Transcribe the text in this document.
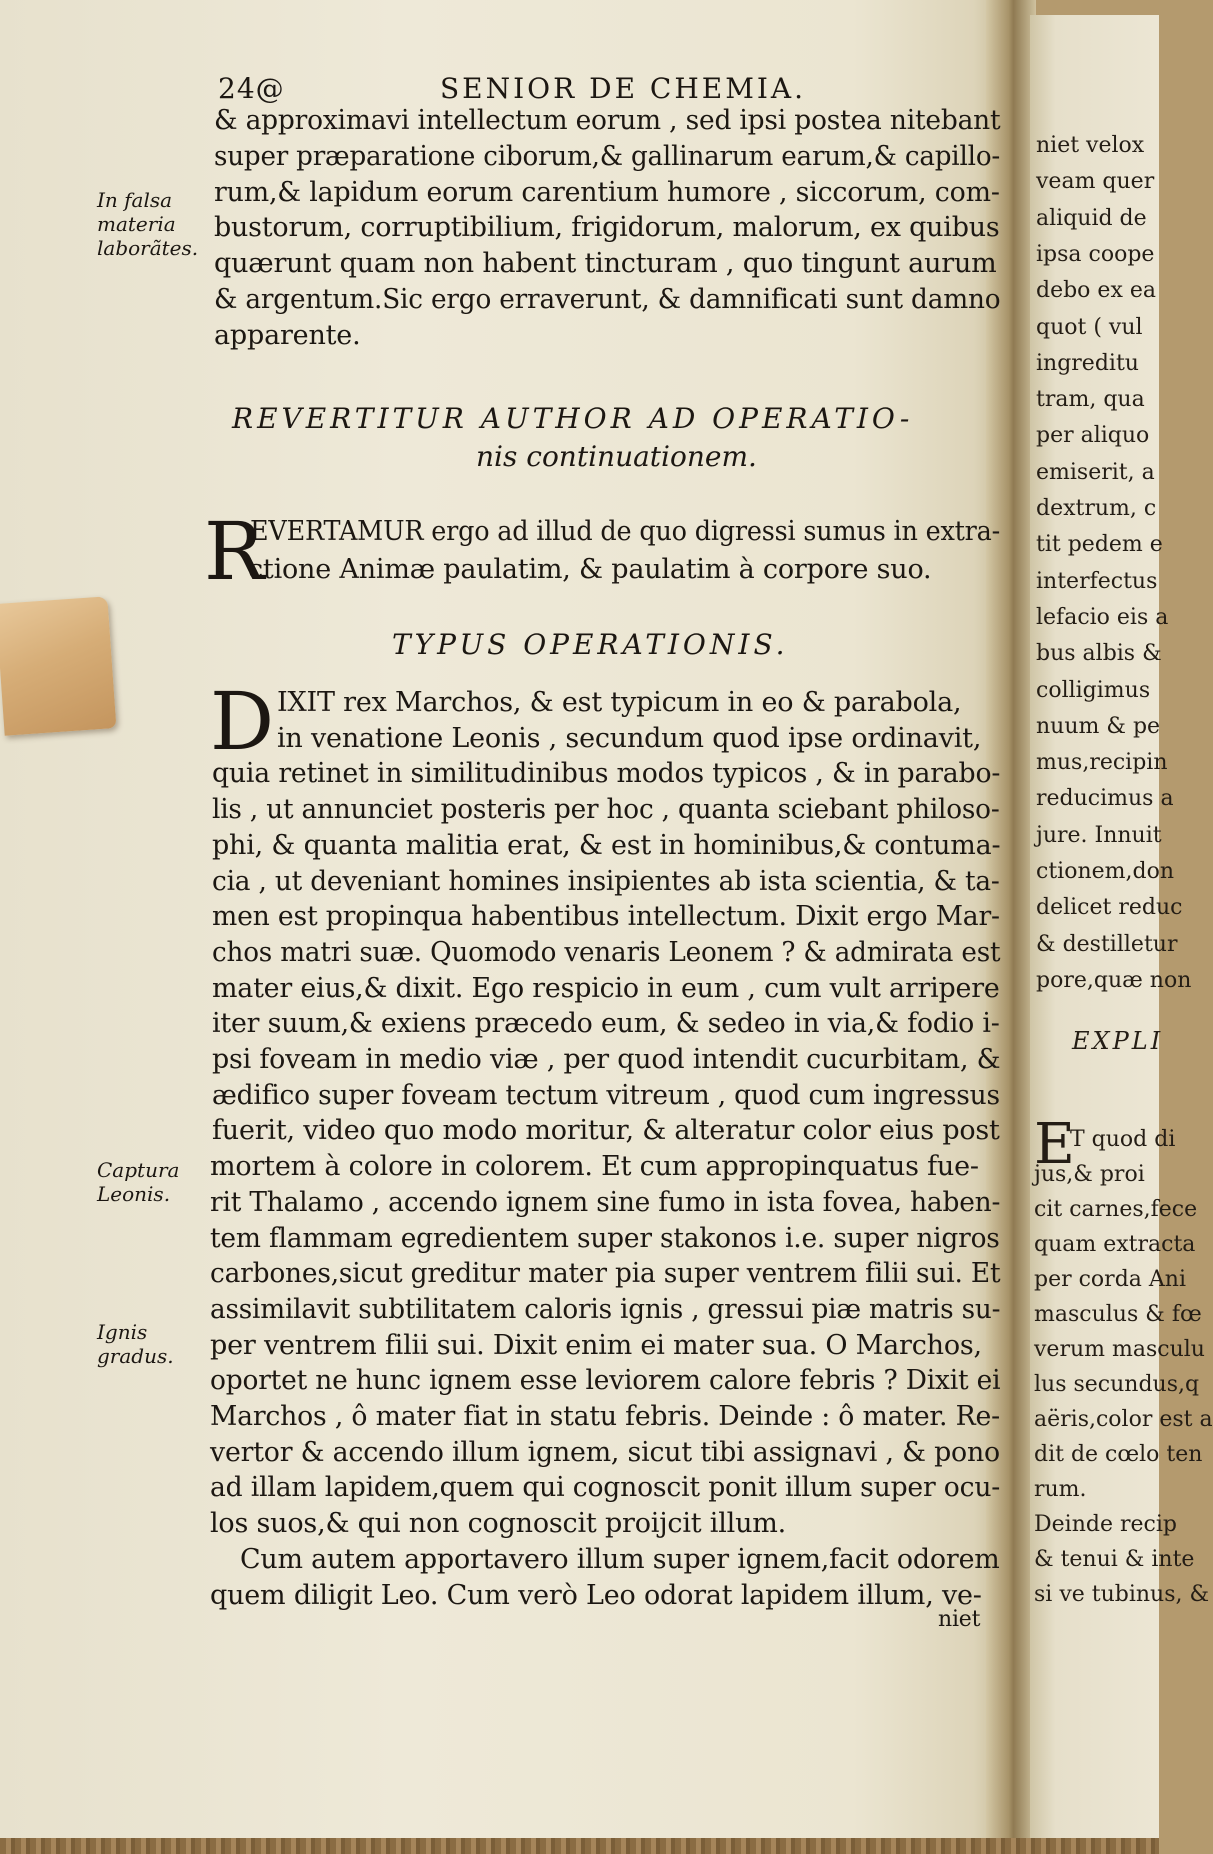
niet velox
veam quer
aliquid de
ipsa coope
debo ex ea
quot ( vul
ingreditu
tram, qua
per aliquo
emiserit, a
dextrum, c
tit pedem e
interfectus
lefacio eis a
bus albis &
colligimus
nuum & pe
mus,recipin
reducimus a
jure. Innuit
ctionem,don
delicet reduc
& destilletur
pore,quæ non
EXPLI
E
T quod di
jus,& proi
cit carnes,fece
quam extracta
per corda Ani
masculus & fœ
verum masculu
lus secundus,q
aëris,color est a
dit de cœlo ten
rum.
Deinde recip
& tenui & inte
si ve tubinus, &
24@	SENIOR DE CHEMIA.
In falsa materia laborãtes.
Captura Leonis.
Ignis gradus.
& approximavi intellectum eorum , sed ipsi postea nitebant
super præparatione ciborum,& gallinarum earum,& capillo-
rum,& lapidum eorum carentium humore , siccorum, com-
bustorum, corruptibilium, frigidorum, malorum, ex quibus
quærunt quam non habent tincturam , quo tingunt aurum
& argentum.Sic ergo erraverunt, & damnificati sunt damno
apparente.
REVERTITUR AUTHOR AD OPERATIO-
nis continuationem.
R
EVERTAMUR ergo ad illud de quo digressi sumus in extra-
ctione Animæ paulatim, & paulatim à corpore suo.
TYPUS OPERATIONIS.
D IXIT rex Marchos, & est typicum in eo & parabola,
in venatione Leonis , secundum quod ipse ordinavit,
quia retinet in similitudinibus modos typicos , & in parabo-
lis , ut annunciet posteris per hoc , quanta sciebant philoso-
phi, & quanta malitia erat, & est in hominibus,& contuma-
cia , ut deveniant homines insipientes ab ista scientia, & ta-
men est propinqua habentibus intellectum. Dixit ergo Mar-
chos matri suæ. Quomodo venaris Leonem ? & admirata est
mater eius,& dixit. Ego respicio in eum , cum vult arripere
iter suum,& exiens præcedo eum, & sedeo in via,& fodio i-
psi foveam in medio viæ , per quod intendit cucurbitam, &
ædifico super foveam tectum vitreum , quod cum ingressus
fuerit, video quo modo moritur, & alteratur color eius post
mortem à colore in colorem. Et cum appropinquatus fue-
rit Thalamo , accendo ignem sine fumo in ista fovea, haben-
tem flammam egredientem super stakonos i.e. super nigros
carbones,sicut greditur mater pia super ventrem filii sui. Et
assimilavit subtilitatem caloris ignis , gressui piæ matris su-
per ventrem filii sui. Dixit enim ei mater sua. O Marchos,
oportet ne hunc ignem esse leviorem calore febris ? Dixit ei
Marchos , ô mater fiat in statu febris. Deinde : ô mater. Re-
vertor & accendo illum ignem, sicut tibi assignavi , & pono
ad illam lapidem,quem qui cognoscit ponit illum super ocu-
los suos,& qui non cognoscit proijcit illum.
Cum autem apportavero illum super ignem,facit odorem
quem diligit Leo. Cum verò Leo odorat lapidem illum, ve-
niet
